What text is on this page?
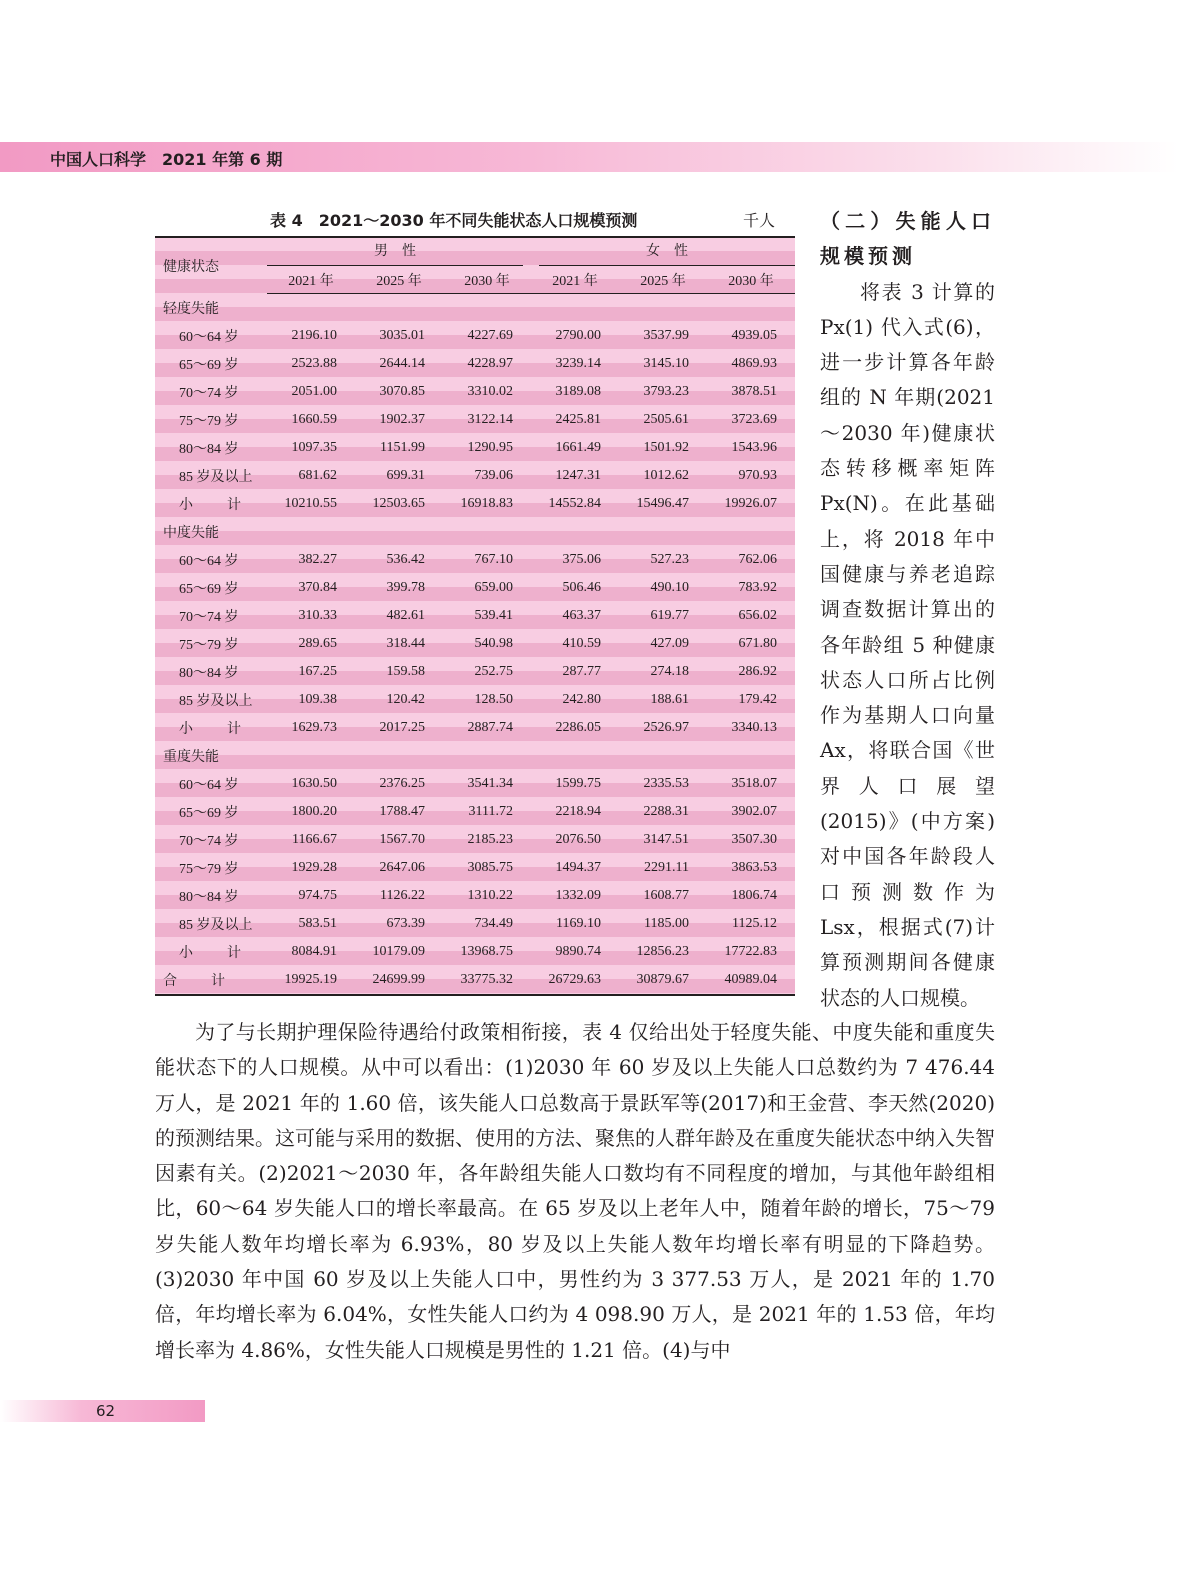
中国人口科学　2021 年第 6 期
表 4　2021～2030 年不同失能状态人口规模预测	千人
健康状态	男　性			女　性		

	2021 年	2025 年	2030 年	2021 年	2025 年	2030 年
轻度失能						
60～64 岁	2196.10	3035.01	4227.69	2790.00	3537.99	4939.05
65～69 岁	2523.88	2644.14	4228.97	3239.14	3145.10	4869.93
70～74 岁	2051.00	3070.85	3310.02	3189.08	3793.23	3878.51
75～79 岁	1660.59	1902.37	3122.14	2425.81	2505.61	3723.69
80～84 岁	1097.35	1151.99	1290.95	1661.49	1501.92	1543.96
85 岁及以上	681.62	699.31	739.06	1247.31	1012.62	970.93
小　计	10210.55	12503.65	16918.83	14552.84	15496.47	19926.07
中度失能						
60～64 岁	382.27	536.42	767.10	375.06	527.23	762.06
65～69 岁	370.84	399.78	659.00	506.46	490.10	783.92
70～74 岁	310.33	482.61	539.41	463.37	619.77	656.02
75～79 岁	289.65	318.44	540.98	410.59	427.09	671.80
80～84 岁	167.25	159.58	252.75	287.77	274.18	286.92
85 岁及以上	109.38	120.42	128.50	242.80	188.61	179.42
小　计	1629.73	2017.25	2887.74	2286.05	2526.97	3340.13
重度失能						
60～64 岁	1630.50	2376.25	3541.34	1599.75	2335.53	3518.07
65～69 岁	1800.20	1788.47	3111.72	2218.94	2288.31	3902.07
70～74 岁	1166.67	1567.70	2185.23	2076.50	3147.51	3507.30
75～79 岁	1929.28	2647.06	3085.75	1494.37	2291.11	3863.53
80～84 岁	974.75	1126.22	1310.22	1332.09	1608.77	1806.74
85 岁及以上	583.51	673.39	734.49	1169.10	1185.00	1125.12
小　计	8084.91	10179.09	13968.75	9890.74	12856.23	17722.83
合　计	19925.19	24699.99	33775.32	26729.63	30879.67	40989.04
（二）失能人口规模预测
将表 3 计算的 Px(1) 代入式(6)，进一步计算各年龄组的 N 年期(2021～2030 年)健康状态转移概率矩阵 Px(N)。在此基础上，将 2018 年中国健康与养老追踪调查数据计算出的各年龄组 5 种健康状态人口所占比例作为基期人口向量 Ax，将联合国《世界人口展望(2015)》(中方案)对中国各年龄段人口预测数作为 Lsx，根据式(7)计算预测期间各健康状态的人口规模。

为了与长期护理保险待遇给付政策相衔接，表 4 仅给出处于轻度失能、中度失能和重度失能状态下的人口规模。从中可以看出：(1)2030 年 60 岁及以上失能人口总数约为 7 476.44 万人，是 2021 年的 1.60 倍，该失能人口总数高于景跃军等(2017)和王金营、李天然(2020)的预测结果。这可能与采用的数据、使用的方法、聚焦的人群年龄及在重度失能状态中纳入失智因素有关。(2)2021～2030 年，各年龄组失能人口数均有不同程度的增加，与其他年龄组相比，60～64 岁失能人口的增长率最高。在 65 岁及以上老年人中，随着年龄的增长，75～79 岁失能人数年均增长率为 6.93%，80 岁及以上失能人数年均增长率有明显的下降趋势。(3)2030 年中国 60 岁及以上失能人口中，男性约为 3 377.53 万人，是 2021 年的 1.70 倍，年均增长率为 6.04%，女性失能人口约为 4 098.90 万人，是 2021 年的 1.53 倍，年均增长率为 4.86%，女性失能人口规模是男性的 1.21 倍。(4)与中

62
